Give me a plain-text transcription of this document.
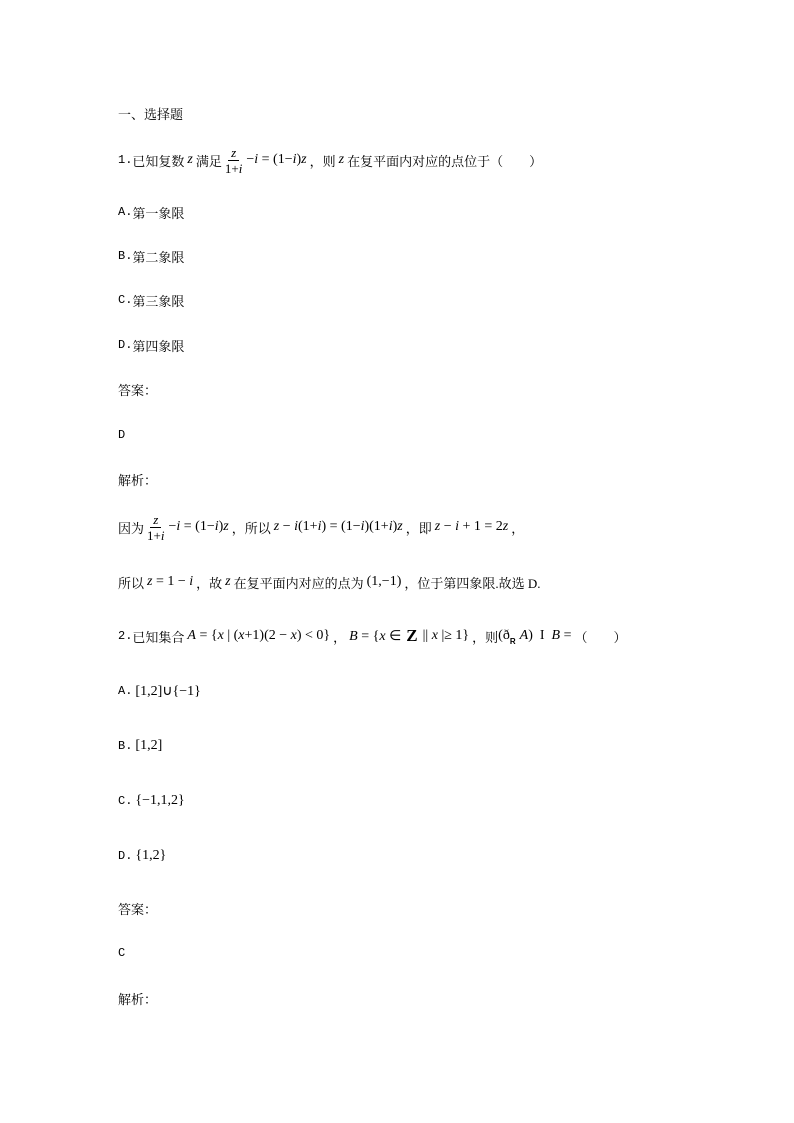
一、选择题
1. 已知复数 z 满足 $\frac{z}{1+i} -i = (1-i)z$ ，则 z 在复平面内对应的点位于（　　）
A. 第一象限
B. 第二象限
C. 第三象限
D. 第四象限
答案：
D
解析：
因为 $\frac{z}{1+i} -i = (1-i)z$ ，所以 z − i(1+i) = (1−i)(1+i)z ，即 z − i + 1 = 2z ，
所以 z = 1 − i ，故 z 在复平面内对应的点为 (1,−1) ，位于第四象限.故选 D.
2. 已知集合 A = {x | (x+1)(2 − x) < 0} ， B = {x ∈ Z || x |≥ 1} ，则 (ð R A) I B = （　　）
A. [1,2]∪{−1}
B. [1,2]
C. {−1,1,2}
D. {1,2}
答案：
C
解析：
